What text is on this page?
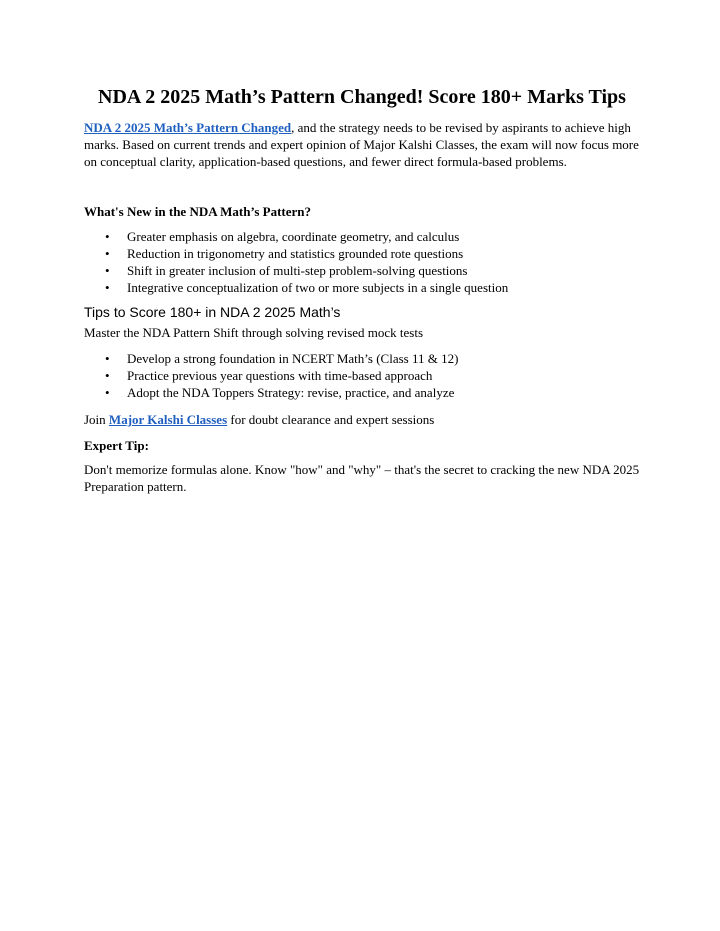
NDA 2 2025 Math’s Pattern Changed! Score 180+ Marks Tips

NDA 2 2025 Math’s Pattern Changed, and the strategy needs to be revised by aspirants to achieve high marks. Based on current trends and expert opinion of Major Kalshi Classes, the exam will now focus more on conceptual clarity, application-based questions, and fewer direct formula-based problems.

What's New in the NDA Math’s Pattern?

• Greater emphasis on algebra, coordinate geometry, and calculus
• Reduction in trigonometry and statistics grounded rote questions
• Shift in greater inclusion of multi-step problem-solving questions
• Integrative conceptualization of two or more subjects in a single question
Tips to Score 180+ in NDA 2 2025 Math’s

Master the NDA Pattern Shift through solving revised mock tests

• Develop a strong foundation in NCERT Math’s (Class 11 & 12)
• Practice previous year questions with time-based approach
• Adopt the NDA Toppers Strategy: revise, practice, and analyze

Join Major Kalshi Classes for doubt clearance and expert sessions

Expert Tip:

Don't memorize formulas alone. Know "how" and "why" – that's the secret to cracking the new NDA 2025 Preparation pattern.
